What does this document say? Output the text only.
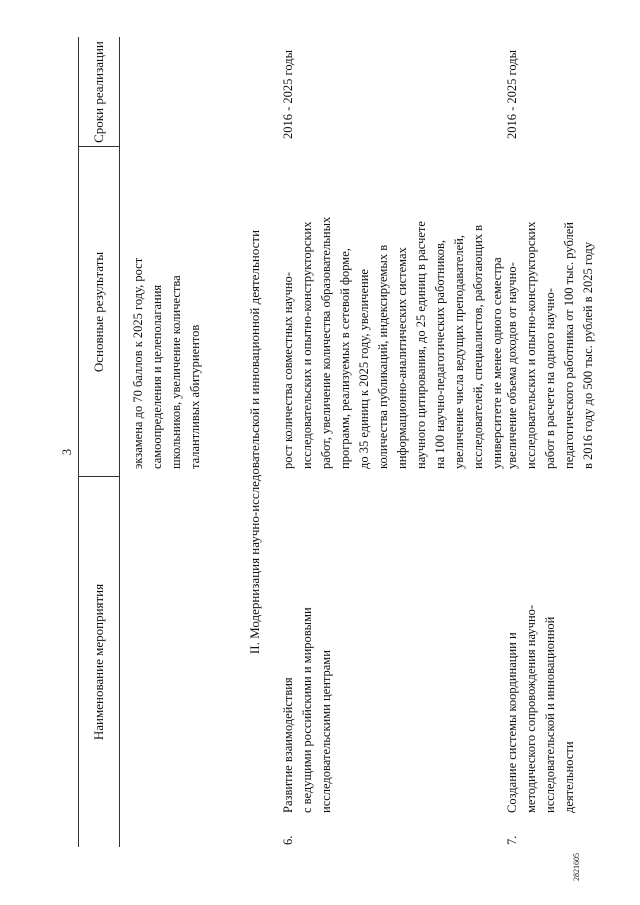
3
2821605
Наименование мероприятия
Основные результаты
Сроки реализации
экзамена до 70 баллов к 2025 году, рост самоопределения и целеполагания школьников, увеличение количества талантливых абитуриентов	II. Модернизация научно-исследовательской и инновационной деятельности
6.
Развитие взаимодействия с ведущими российскими и мировыми исследовательскими центрами
рост количества совместных научно- исследовательских и опытно-конструкторских работ, увеличение количества образовательных программ, реализуемых в сетевой форме, до 35 единиц к 2025 году, увеличение количества публикаций, индексируемых в информационно-аналитических системах научного цитирования, до 25 единиц в расчете на 100 научно-педагогических работников, увеличение числа ведущих преподавателей, исследователей, специалистов, работающих в университете не менее одного семестра
2016 - 2025 годы
7.
Создание системы координации и методического сопровождения научно- исследовательской и инновационной деятельности
увеличение объема доходов от научно- исследовательских и опытно-конструкторских работ в расчете на одного научно- педагогического работника от 100 тыс. рублей в 2016 году до 500 тыс. рублей в 2025 году
2016 - 2025 годы
